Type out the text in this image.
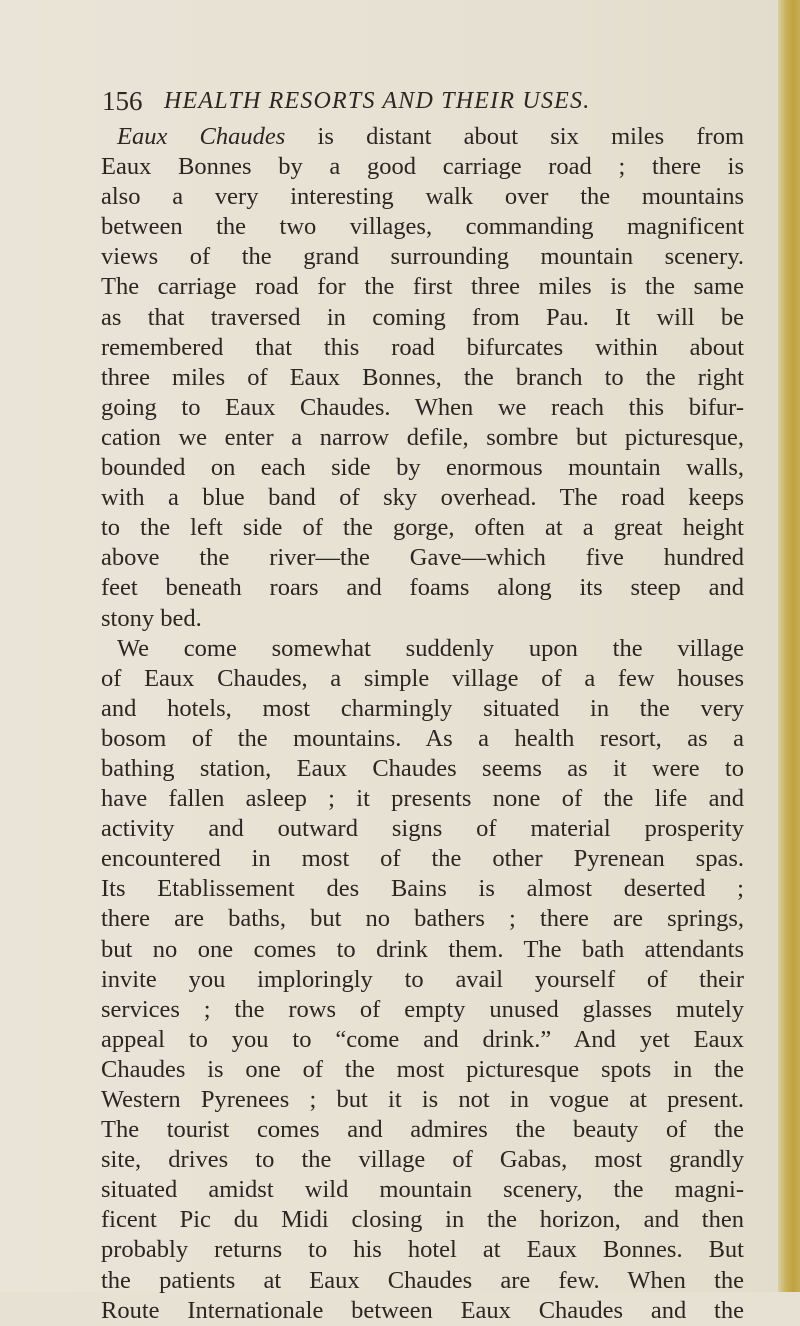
156 HEALTH RESORTS AND THEIR USES.
Eaux Chaudes is distant about six miles from
Eaux Bonnes by a good carriage road ; there is
also a very interesting walk over the mountains
between the two villages, commanding magnificent
views of the grand surrounding mountain scenery.
The carriage road for the first three miles is the same
as that traversed in coming from Pau. It will be
remembered that this road bifurcates within about
three miles of Eaux Bonnes, the branch to the right
going to Eaux Chaudes. When we reach this bifur-
cation we enter a narrow defile, sombre but picturesque,
bounded on each side by enormous mountain walls,
with a blue band of sky overhead. The road keeps
to the left side of the gorge, often at a great height
above the river—the Gave—which five hundred
feet beneath roars and foams along its steep and
stony bed.
We come somewhat suddenly upon the village
of Eaux Chaudes, a simple village of a few houses
and hotels, most charmingly situated in the very
bosom of the mountains. As a health resort, as a
bathing station, Eaux Chaudes seems as it were to
have fallen asleep ; it presents none of the life and
activity and outward signs of material prosperity
encountered in most of the other Pyrenean spas.
Its Etablissement des Bains is almost deserted ;
there are baths, but no bathers ; there are springs,
but no one comes to drink them. The bath attendants
invite you imploringly to avail yourself of their
services ; the rows of empty unused glasses mutely
appeal to you to “come and drink.” And yet Eaux
Chaudes is one of the most picturesque spots in the
Western Pyrenees ; but it is not in vogue at present.
The tourist comes and admires the beauty of the
site, drives to the village of Gabas, most grandly
situated amidst wild mountain scenery, the magni-
ficent Pic du Midi closing in the horizon, and then
probably returns to his hotel at Eaux Bonnes. But
the patients at Eaux Chaudes are few. When the
Route Internationale between Eaux Chaudes and the
